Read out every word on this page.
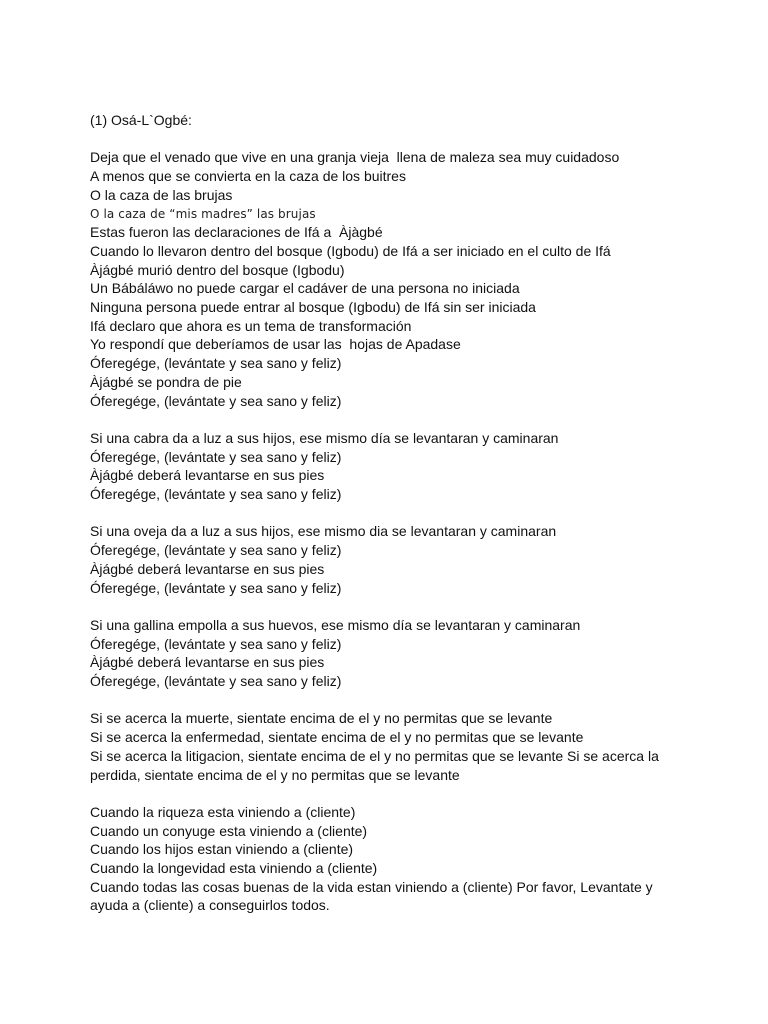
(1) Osá-L`Ogbé:
Deja que el venado que vive en una granja vieja  llena de maleza sea muy cuidadoso
A menos que se convierta en la caza de los buitres
O la caza de las brujas
O la caza de “mis madres” las brujas
Estas fueron las declaraciones de Ifá a  Àjàgbé
Cuando lo llevaron dentro del bosque (Igbodu) de Ifá a ser iniciado en el culto de Ifá
Àjágbé murió dentro del bosque (Igbodu)
Un Bábáláwo no puede cargar el cadáver de una persona no iniciada
Ninguna persona puede entrar al bosque (Igbodu) de Ifá sin ser iniciada
Ifá declaro que ahora es un tema de transformación
Yo respondí que deberíamos de usar las  hojas de Apadase
Óferegége, (levántate y sea sano y feliz)
Àjágbé se pondra de pie
Óferegége, (levántate y sea sano y feliz)
Si una cabra da a luz a sus hijos, ese mismo día se levantaran y caminaran
Óferegége, (levántate y sea sano y feliz)
Àjágbé deberá levantarse en sus pies
Óferegége, (levántate y sea sano y feliz)
Si una oveja da a luz a sus hijos, ese mismo dia se levantaran y caminaran
Óferegége, (levántate y sea sano y feliz)
Àjágbé deberá levantarse en sus pies
Óferegége, (levántate y sea sano y feliz)
Si una gallina empolla a sus huevos, ese mismo día se levantaran y caminaran
Óferegége, (levántate y sea sano y feliz)
Àjágbé deberá levantarse en sus pies
Óferegége, (levántate y sea sano y feliz)
Si se acerca la muerte, sientate encima de el y no permitas que se levante
Si se acerca la enfermedad, sientate encima de el y no permitas que se levante
Si se acerca la litigacion, sientate encima de el y no permitas que se levante Si se acerca la
perdida, sientate encima de el y no permitas que se levante
Cuando la riqueza esta viniendo a (cliente)
Cuando un conyuge esta viniendo a (cliente)
Cuando los hijos estan viniendo a (cliente)
Cuando la longevidad esta viniendo a (cliente)
Cuando todas las cosas buenas de la vida estan viniendo a (cliente) Por favor, Levantate y
ayuda a (cliente) a conseguirlos todos.
